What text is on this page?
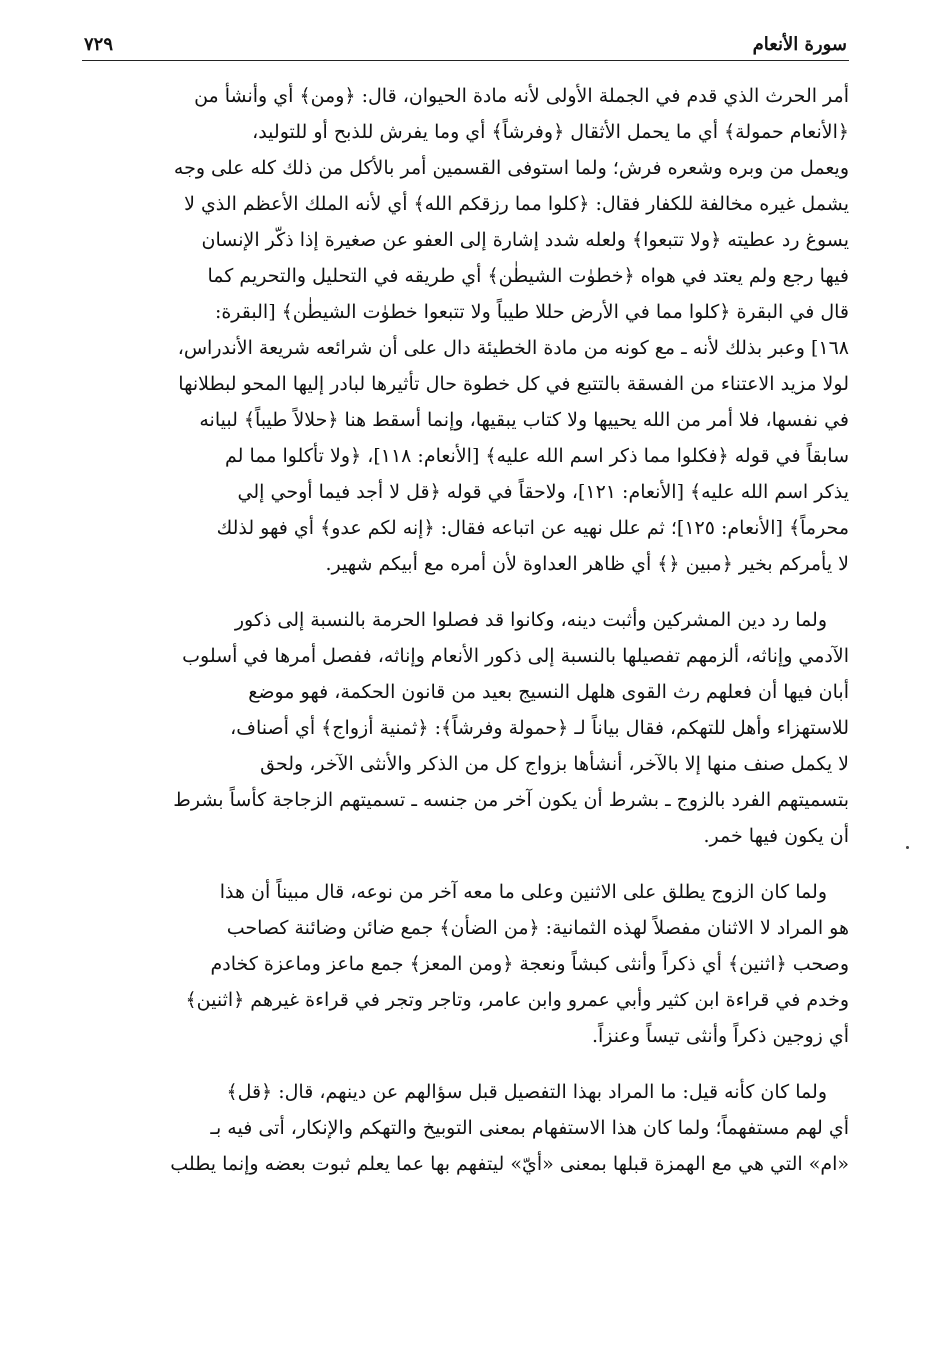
سورة الأنعام
٧٢٩
أمر الحرث الذي قدم في الجملة الأولى لأنه مادة الحيوان، قال: ﴿ومن﴾ أي وأنشأ من
﴿الأنعام حمولة﴾ أي ما يحمل الأثقال ﴿وفرشاً﴾ أي وما يفرش للذبح أو للتوليد،
ويعمل من وبره وشعره فرش؛ ولما استوفى القسمين أمر بالأكل من ذلك كله على وجه
يشمل غيره مخالفة للكفار فقال: ﴿كلوا مما رزقكم الله﴾ أي لأنه الملك الأعظم الذي لا
يسوغ رد عطيته ﴿ولا تتبعوا﴾ ولعله شدد إشارة إلى العفو عن صغيرة إذا ذكّر الإنسان
فيها رجع ولم يعتد في هواه ﴿خطوٰت الشيطٰن﴾ أي طريقه في التحليل والتحريم كما
قال في البقرة ﴿كلوا مما في الأرض حللا طيباً ولا تتبعوا خطوٰت الشيطٰن﴾ [البقرة:
١٦٨] وعبر بذلك لأنه ـ مع كونه من مادة الخطيئة دال على أن شرائعه شريعة الأندراس،
لولا مزيد الاعتناء من الفسقة بالتتبع في كل خطوة حال تأثيرها لبادر إليها المحو لبطلانها
في نفسها، فلا أمر من الله يحييها ولا كتاب يبقيها، وإنما أسقط هنا ﴿حلالاً طيباً﴾ لبيانه
سابقاً في قوله ﴿فكلوا مما ذكر اسم الله عليه﴾ [الأنعام: ١١٨]، ﴿ولا تأكلوا مما لم
يذكر اسم الله عليه﴾ [الأنعام: ١٢١]، ولاحقاً في قوله ﴿قل لا أجد فيما أوحي إلي
محرماً﴾ [الأنعام: ١٢٥]؛ ثم علل نهيه عن اتباعه فقال: ﴿إنه لكم عدو﴾ أي فهو لذلك
لا يأمركم بخير ﴿مبين ﴿﴾ أي ظاهر العداوة لأن أمره مع أبيكم شهير.
ولما رد دين المشركين وأثبت دينه، وكانوا قد فصلوا الحرمة بالنسبة إلى ذكور
الآدمي وإناثه، ألزمهم تفصيلها بالنسبة إلى ذكور الأنعام وإناثه، ففصل أمرها في أسلوب
أبان فيها أن فعلهم رث القوى هلهل النسيج بعيد من قانون الحكمة، فهو موضع
للاستهزاء وأهل للتهكم، فقال بياناً لـ ﴿حمولة وفرشاً﴾: ﴿ثمنية أزواج﴾ أي أصناف،
لا يكمل صنف منها إلا بالآخر، أنشأها بزواج كل من الذكر والأنثى الآخر، ولحق
بتسميتهم الفرد بالزوج ـ بشرط أن يكون آخر من جنسه ـ تسميتهم الزجاجة كأساً بشرط
أن يكون فيها خمر.
ولما كان الزوج يطلق على الاثنين وعلى ما معه آخر من نوعه، قال مبيناً أن هذا
هو المراد لا الاثنان مفصلاً لهذه الثمانية: ﴿من الضأن﴾ جمع ضائن وضائنة كصاحب
وصحب ﴿اثنين﴾ أي ذكراً وأنثى كبشاً ونعجة ﴿ومن المعز﴾ جمع ماعز وماعزة كخادم
وخدم في قراءة ابن كثير وأبي عمرو وابن عامر، وتاجر وتجر في قراءة غيرهم ﴿اثنين﴾
أي زوجين ذكراً وأنثى تيساً وعنزاً.
ولما كان كأنه قيل: ما المراد بهذا التفصيل قبل سؤالهم عن دينهم، قال: ﴿قل﴾
أي لهم مستفهماً؛ ولما كان هذا الاستفهام بمعنى التوبيخ والتهكم والإنكار، أتى فيه بـ
«ام» التي هي مع الهمزة قبلها بمعنى «أيّ» ليتفهم بها عما يعلم ثبوت بعضه وإنما يطلب
